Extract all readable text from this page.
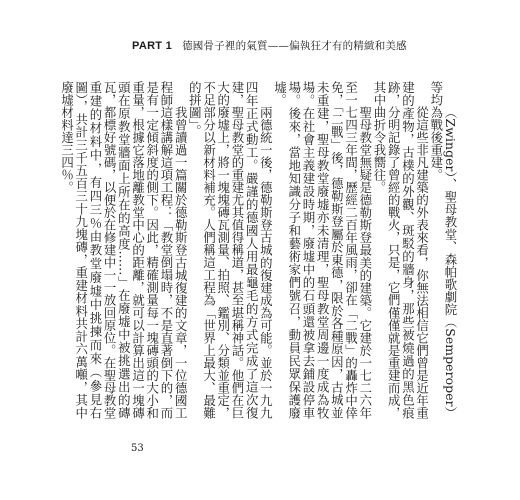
PART 1 德國骨子裡的氣質——偏執狂才有的精緻和美感

（Zwinger）、聖母教堂、森帕歌劇院（Semperoper）等均為戰後重建。

從這些非凡建築的外表來看，你無法相信它們曾是近年重建的產物，古樸的外觀、斑駁的牆身，那些被燒過的黑色痕跡，分明記錄了曾經的戰火，只是，它們僅僅就是重建而成，其中曲折令我嚮往。

聖母教堂無疑是德勒斯登最美的建築。它建於一七二六年至一七四三年間，歷經二百年風雨，卻在「二戰」的轟炸中倖免，「二戰」後，德勒斯登屬於東德，限於各種原因，古城並未重建，聖母教堂廢墟亦未清理，聖母教堂周邊一度成為牧場。在社會主義建設時期，廢墟中的石頭還被拿去鋪設停車場。後來，當地知識分子和藝術家們號召，動員民眾保護廢墟。

兩德統一後，德勒斯登古城的復建成為可能。並於一九九四年正式動工。嚴謹的德國人用最龜毛的方式完成了這次復建，聖母教堂的重建尤其值得稱道，甚至堪稱神話。他們在巨大的廢墟上，將一塊塊磚瓦測量、拍照、鑑別、分類並重定，不足部分以新材料補充。人們稱這工程為「世界上最大、最難的拼圖」。

我曾讀過一篇關於德勒斯登古城復建的文章，一位德國工程師這樣講解這項工程：「教堂倒塌時，不是直著倒下的，而是有一定傾斜度的側下。因此，精確測量每一塊磚頭的大小和重量，根據它落地離教堂中心的距離，就可以計算出這一塊磚頭在原教堂牆面上所在的高度……」在廢墟中被挑選出的磚瓦，都標好號碼，以便於在修建中一一放回原位。在聖母教堂重建的材料中，有四三％由教堂廢墟中挑揀而來（參見右圖），共計三千五百三十九塊磚，重建材料共計六萬噸，其中廢墟材料達三四％。

53
